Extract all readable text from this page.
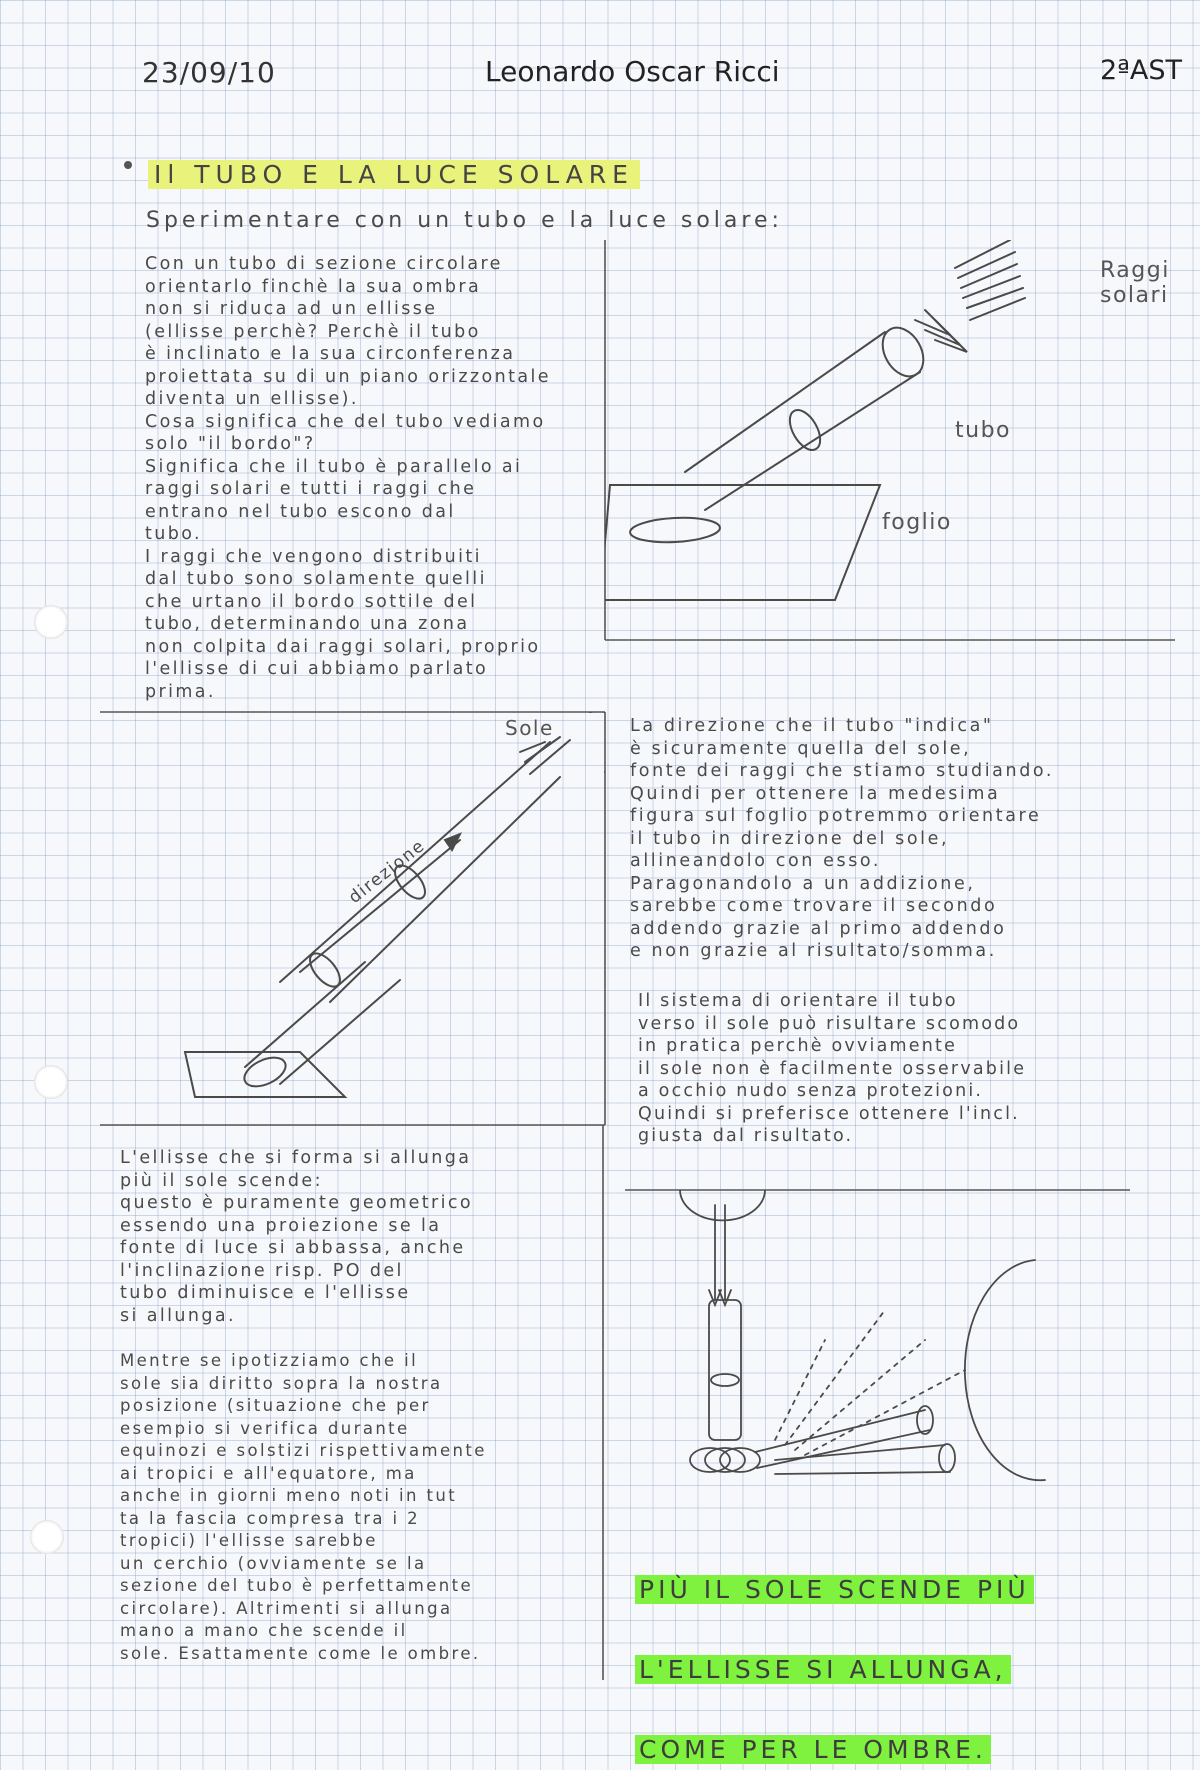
23/09/10	Leonardo Oscar Ricci	2ªAST
Il TUBO E LA LUCE SOLARE
Sperimentare con un tubo e la luce solare:
Con un tubo di sezione circolare
orientarlo finchè la sua ombra
non si riduca ad un ellisse
(ellisse perchè? Perchè il tubo
è inclinato e la sua circonferenza
proiettata su di un piano orizzontale
diventa un ellisse).
Cosa significa che del tubo vediamo
solo "il bordo"?
Significa che il tubo è parallelo ai
raggi solari e tutti i raggi che
entrano nel tubo escono dal
tubo.
I raggi che vengono distribuiti
dal tubo sono solamente quelli
che urtano il bordo sottile del
tubo, determinando una zona
non colpita dai raggi solari, proprio l'ellisse di cui abbiamo parlato
prima.
Raggi solari
tubo
foglio
Sole
direzione
La direzione che il tubo "indica"
è sicuramente quella del sole,
fonte dei raggi che stiamo studiando.
Quindi per ottenere la medesima
figura sul foglio potremmo orientare
il tubo in direzione del sole,
allineandolo con esso.
Paragonandolo a un addizione,
sarebbe come trovare il secondo
addendo grazie al primo addendo
e non grazie al risultato/somma.
Il sistema di orientare il tubo
verso il sole può risultare scomodo
in pratica perchè ovviamente
il sole non è facilmente osservabile
a occhio nudo senza protezioni.
Quindi si preferisce ottenere l'incl.
giusta dal risultato.
L'ellisse che si forma si allunga
più il sole scende:
questo è puramente geometrico
essendo una proiezione se la
fonte di luce si abbassa, anche
l'inclinazione risp. PO del
tubo diminuisce e l'ellisse
si allunga.
Mentre se ipotizziamo che il
sole sia diritto sopra la nostra
posizione (situazione che per
esempio si verifica durante
equinozi e solstizi rispettivamente
ai tropici e all'equatore, ma
anche in giorni meno noti in tut
ta la fascia compresa tra i 2
tropici) l'ellisse sarebbe
un cerchio (ovviamente se la
sezione del tubo è perfettamente
circolare). Altrimenti si allunga
mano a mano che scende il
sole. Esattamente come le ombre.

PIÙ IL SOLE SCENDE PIÙ

L'ELLISSE SI ALLUNGA,

COME PER LE OMBRE.
